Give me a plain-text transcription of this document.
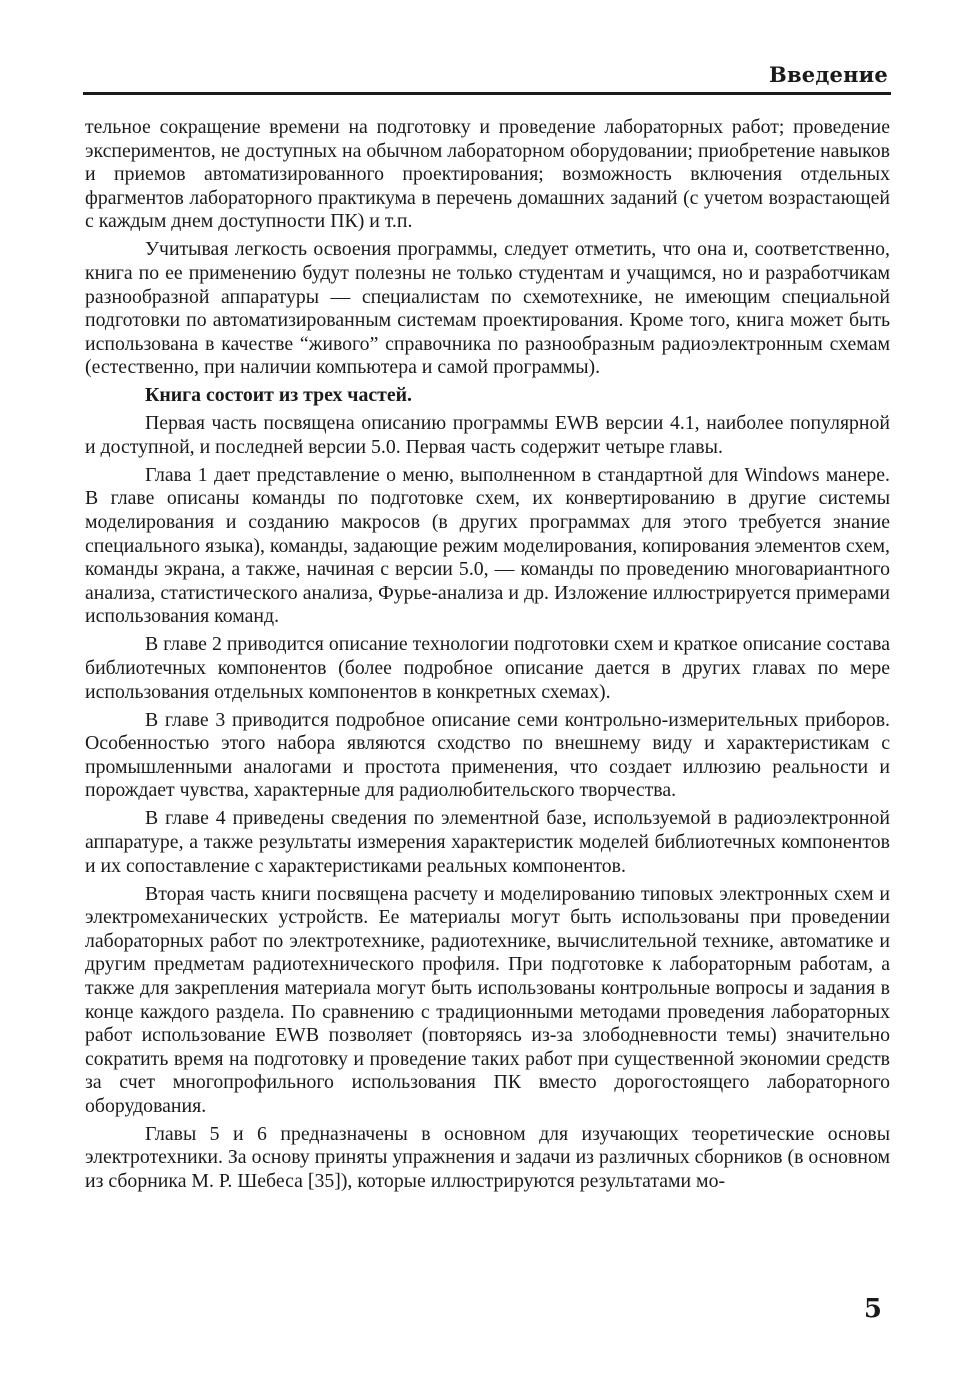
Введение

тельное сокращение времени на подготовку и проведение лабораторных работ; проведение экспериментов, не доступных на обычном лабораторном оборудовании; приобретение навыков и приемов автоматизированного проектирования; возможность включения отдельных фрагментов лабораторного практикума в перечень домашних заданий (с учетом возрастающей с каждым днем доступности ПК) и т.п.

Учитывая легкость освоения программы, следует отметить, что она и, соответственно, книга по ее применению будут полезны не только студентам и учащимся, но и разработчикам разнообразной аппаратуры — специалистам по схемотехнике, не имеющим специальной подготовки по автоматизированным системам проектирования. Кроме того, книга может быть использована в качестве “живого” справочника по разнообразным радиоэлектронным схемам (естественно, при наличии компьютера и самой программы).

Книга состоит из трех частей.

Первая часть посвящена описанию программы EWB версии 4.1, наиболее популярной и доступной, и последней версии 5.0. Первая часть содержит четыре главы.

Глава 1 дает представление о меню, выполненном в стандартной для Windows манере. В главе описаны команды по подготовке схем, их конвертированию в другие системы моделирования и созданию макросов (в других программах для этого требуется знание специального языка), команды, задающие режим моделирования, копирования элементов схем, команды экрана, а также, начиная с версии 5.0, — команды по проведению многовариантного анализа, статистического анализа, Фурье-анализа и др. Изложение иллюстрируется примерами использования команд.

В главе 2 приводится описание технологии подготовки схем и краткое описание состава библиотечных компонентов (более подробное описание дается в других главах по мере использования отдельных компонентов в конкретных схемах).

В главе 3 приводится подробное описание семи контрольно-измерительных приборов. Особенностью этого набора являются сходство по внешнему виду и характеристикам с промышленными аналогами и простота применения, что создает иллюзию реальности и порождает чувства, характерные для радиолюбительского творчества.

В главе 4 приведены сведения по элементной базе, используемой в радиоэлектронной аппаратуре, а также результаты измерения характеристик моделей библиотечных компонентов и их сопоставление с характеристиками реальных компонентов.

Вторая часть книги посвящена расчету и моделированию типовых электронных схем и электромеханических устройств. Ее материалы могут быть использованы при проведении лабораторных работ по электротехнике, радиотехнике, вычислительной технике, автоматике и другим предметам радиотехнического профиля. При подготовке к лабораторным работам, а также для закрепления материала могут быть использованы контрольные вопросы и задания в конце каждого раздела. По сравнению с традиционными методами проведения лабораторных работ использование EWB позволяет (повторяясь из-за злободневности темы) значительно сократить время на подготовку и проведение таких работ при существенной экономии средств за счет многопрофильного использования ПК вместо дорогостоящего лабораторного оборудования.

Главы 5 и 6 предназначены в основном для изучающих теоретические основы электротехники. За основу приняты упражнения и задачи из различных сборников (в основном из сборника М. Р. Шебеса [35]), которые иллюстрируются результатами мо-

5
